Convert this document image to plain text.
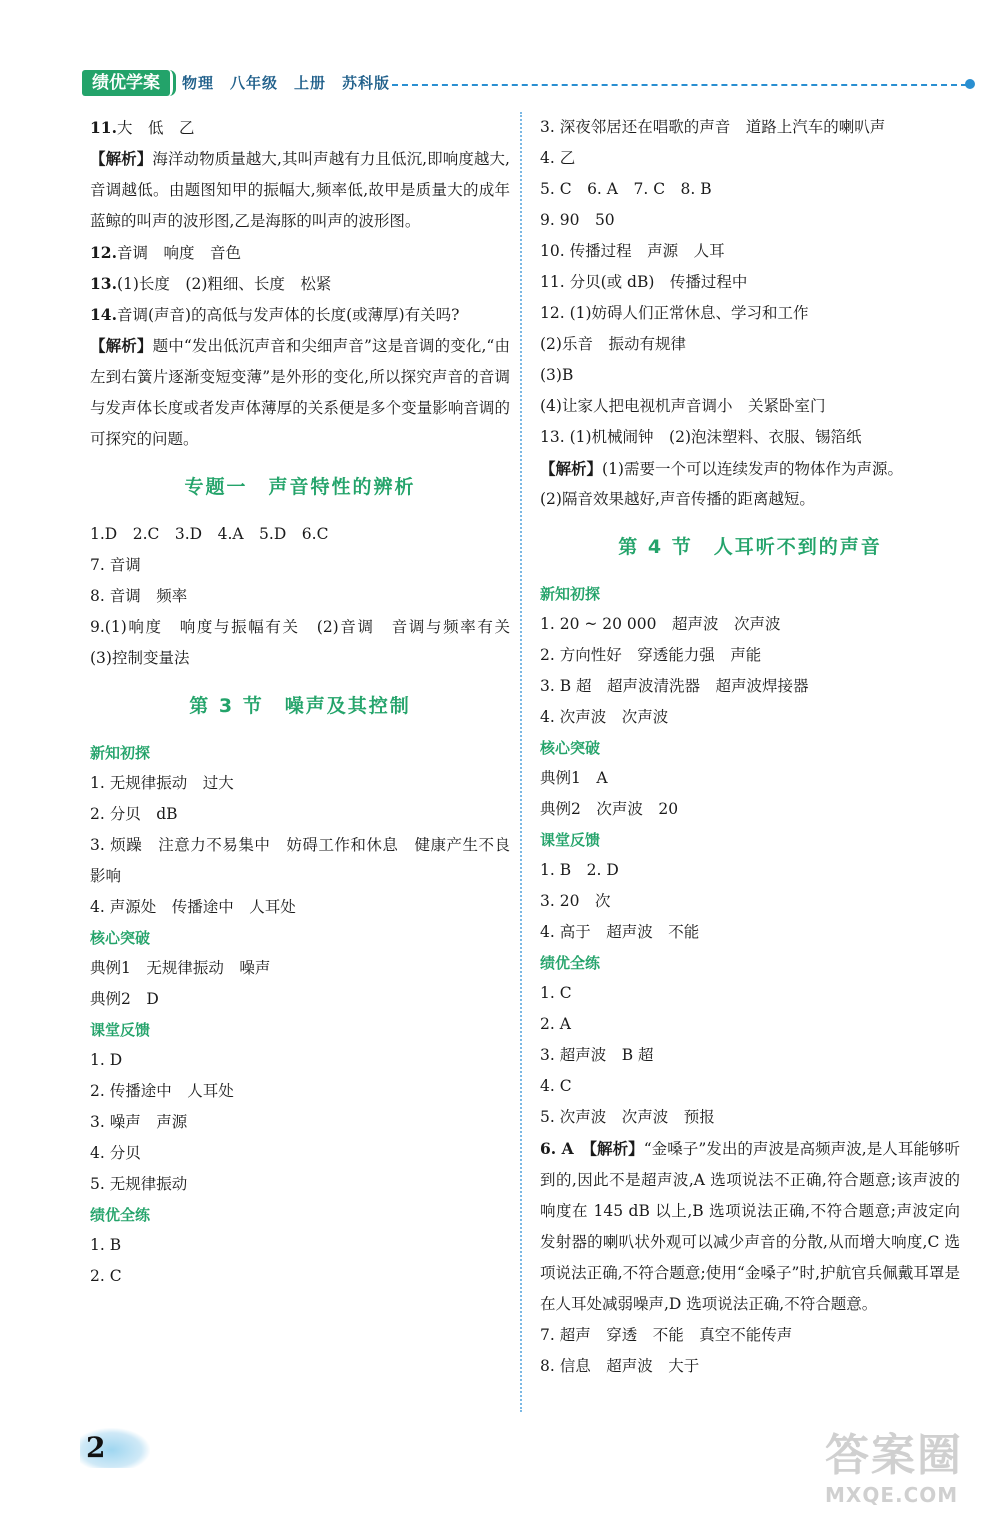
绩优学案	物理　八年级　上册　苏科版
11.大　低　乙

【解析】海洋动物质量越大,其叫声越有力且低沉,即响度越大,音调越低。由题图知甲的振幅大,频率低,故甲是质量大的成年蓝鲸的叫声的波形图,乙是海豚的叫声的波形图。

12.音调　响度　音色
13.(1)长度　(2)粗细、长度　松紧
14.音调(声音)的高低与发声体的长度(或薄厚)有关吗?

【解析】题中“发出低沉声音和尖细声音”这是音调的变化,“由左到右簧片逐渐变短变薄”是外形的变化,所以探究声音的音调与发声体长度或者发声体薄厚的关系便是多个变量影响音调的可探究的问题。

专题一　声音特性的辨析
1.D　2.C　3.D　4.A　5.D　6.C
7. 音调
8. 音调　频率

9.(1)响度　响度与振幅有关　(2)音调　音调与频率有关　(3)控制变量法

第 3 节　噪声及其控制
新知初探
1. 无规律振动　过大
2. 分贝　dB

3. 烦躁　注意力不易集中　妨碍工作和休息　健康产生不良影响

4. 声源处　传播途中　人耳处
核心突破
典例1　无规律振动　噪声
典例2　D
课堂反馈
1. D
2. 传播途中　人耳处
3. 噪声　声源
4. 分贝
5. 无规律振动
绩优全练
1. B
2. C
3. 深夜邻居还在唱歌的声音　道路上汽车的喇叭声
4. 乙
5. C　6. A　7. C　8. B
9. 90　50
10. 传播过程　声源　人耳
11. 分贝(或 dB)　传播过程中
12. (1)妨碍人们正常休息、学习和工作
(2)乐音　振动有规律
(3)B
(4)让家人把电视机声音调小　关紧卧室门
13. (1)机械闹钟　(2)泡沫塑料、衣服、锡箔纸
【解析】(1)需要一个可以连续发声的物体作为声源。
(2)隔音效果越好,声音传播的距离越短。
第 4 节　人耳听不到的声音
新知初探
1. 20 ~ 20 000　超声波　次声波
2. 方向性好　穿透能力强　声能
3. B 超　超声波清洗器　超声波焊接器
4. 次声波　次声波
核心突破
典例1　A
典例2　次声波　20
课堂反馈
1. B　2. D
3. 20　次
4. 高于　超声波　不能
绩优全练
1. C
2. A
3. 超声波　B 超
4. C
5. 次声波　次声波　预报

6. A　【解析】“金嗓子”发出的声波是高频声波,是人耳能够听到的,因此不是超声波,A 选项说法不正确,符合题意;该声波的响度在 145 dB 以上,B 选项说法正确,不符合题意;声波定向发射器的喇叭状外观可以减少声音的分散,从而增大响度,C 选项说法正确,不符合题意;使用“金嗓子”时,护航官兵佩戴耳罩是在人耳处减弱噪声,D 选项说法正确,不符合题意。

7. 超声　穿透　不能　真空不能传声
8. 信息　超声波　大于
2	答案圈
MXQE.COM
